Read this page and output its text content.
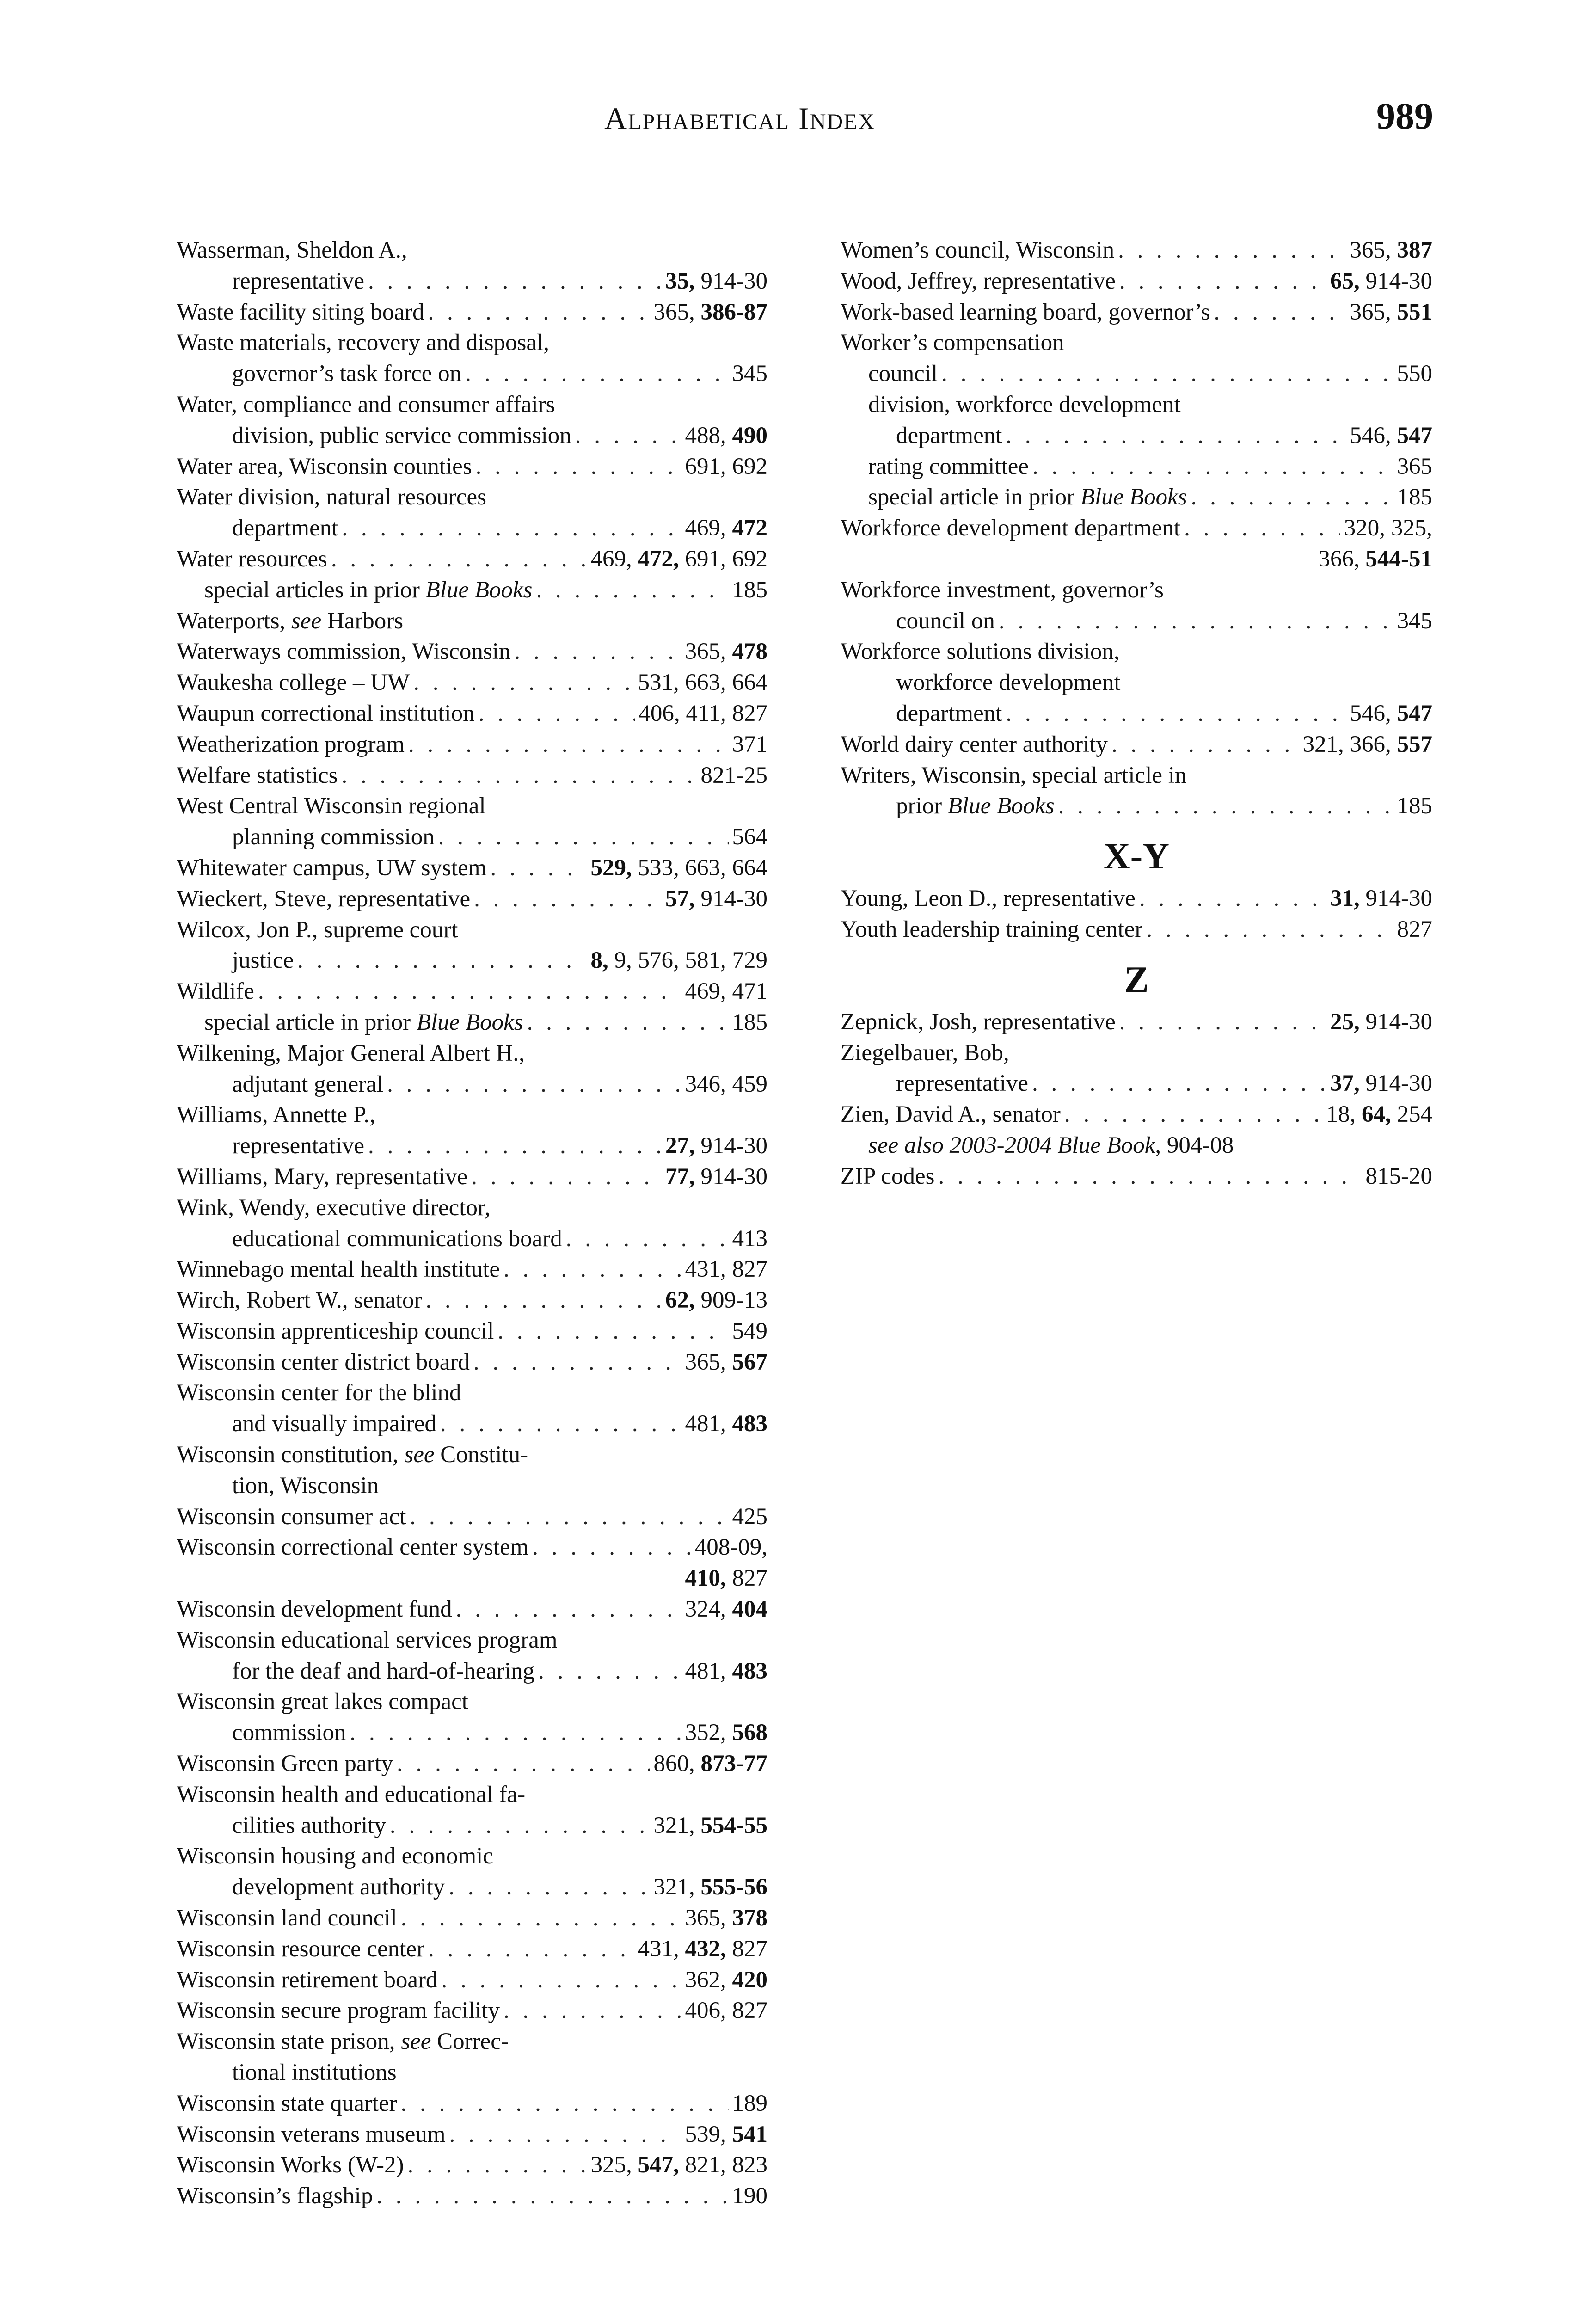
Alphabetical Index	989
Wasserman, Sheldon A.,
representative . . .	35, 914-30
Waste facility siting board . . .	365, 386-87
Waste materials, recovery and disposal,
governor’s task force on . . .	345
Water, compliance and consumer affairs
division, public service commission . . .	488, 490
Water area, Wisconsin counties . . .	691, 692
Water division, natural resources
department . . .	469, 472
Water resources . . .	469, 472, 691, 692
special articles in prior Blue Books . . .	185
Waterports, see Harbors
Waterways commission, Wisconsin . . .	365, 478
Waukesha college – UW . . .	531, 663, 664
Waupun correctional institution . . .	406, 411, 827
Weatherization program . . .	371
Welfare statistics . . .	821-25
West Central Wisconsin regional
planning commission . . .	564
Whitewater campus, UW system . . .	529, 533, 663, 664
Wieckert, Steve, representative . . .	57, 914-30
Wilcox, Jon P., supreme court
justice . . .	8, 9, 576, 581, 729
Wildlife . . .	469, 471
special article in prior Blue Books . . .	185
Wilkening, Major General Albert H.,
adjutant general . . .	346, 459
Williams, Annette P.,
representative . . .	27, 914-30
Williams, Mary, representative . . .	77, 914-30
Wink, Wendy, executive director,
educational communications board . . .	413
Winnebago mental health institute . . .	431, 827
Wirch, Robert W., senator . . .	62, 909-13
Wisconsin apprenticeship council . . .	549
Wisconsin center district board . . .	365, 567
Wisconsin center for the blind
and visually impaired . . .	481, 483
Wisconsin constitution, see Constitu-
tion, Wisconsin
Wisconsin consumer act . . .	425
Wisconsin correctional center system . . .	408-09,
410, 827
Wisconsin development fund . . .	324, 404
Wisconsin educational services program
for the deaf and hard-of-hearing . . .	481, 483
Wisconsin great lakes compact
commission . . .	352, 568
Wisconsin Green party . . .	860, 873-77
Wisconsin health and educational fa-
cilities authority . . .	321, 554-55
Wisconsin housing and economic
development authority . . .	321, 555-56
Wisconsin land council . . .	365, 378
Wisconsin resource center . . .	431, 432, 827
Wisconsin retirement board . . .	362, 420
Wisconsin secure program facility . . .	406, 827
Wisconsin state prison, see Correc-
tional institutions
Wisconsin state quarter . . .	189
Wisconsin veterans museum . . .	539, 541
Wisconsin Works (W-2) . . .	325, 547, 821, 823
Wisconsin’s flagship . . .	190
Women’s council, Wisconsin . . .	365, 387
Wood, Jeffrey, representative . . .	65, 914-30
Work-based learning board, governor’s . . .	365, 551
Worker’s compensation
council . . .	550
division, workforce development
department . . .	546, 547
rating committee . . .	365
special article in prior Blue Books . . .	185
Workforce development department . . .	320, 325,
366, 544-51
Workforce investment, governor’s
council on . . .	345
Workforce solutions division,
workforce development
department . . .	546, 547
World dairy center authority . . .	321, 366, 557
Writers, Wisconsin, special article in
prior Blue Books . . .	185
X-Y
Young, Leon D., representative . . .	31, 914-30
Youth leadership training center . . .	827
Z
Zepnick, Josh, representative . . .	25, 914-30
Ziegelbauer, Bob,
representative . . .	37, 914-30
Zien, David A., senator . . .	18, 64, 254
see also 2003-2004 Blue Book, 904-08
ZIP codes . . .	815-20
